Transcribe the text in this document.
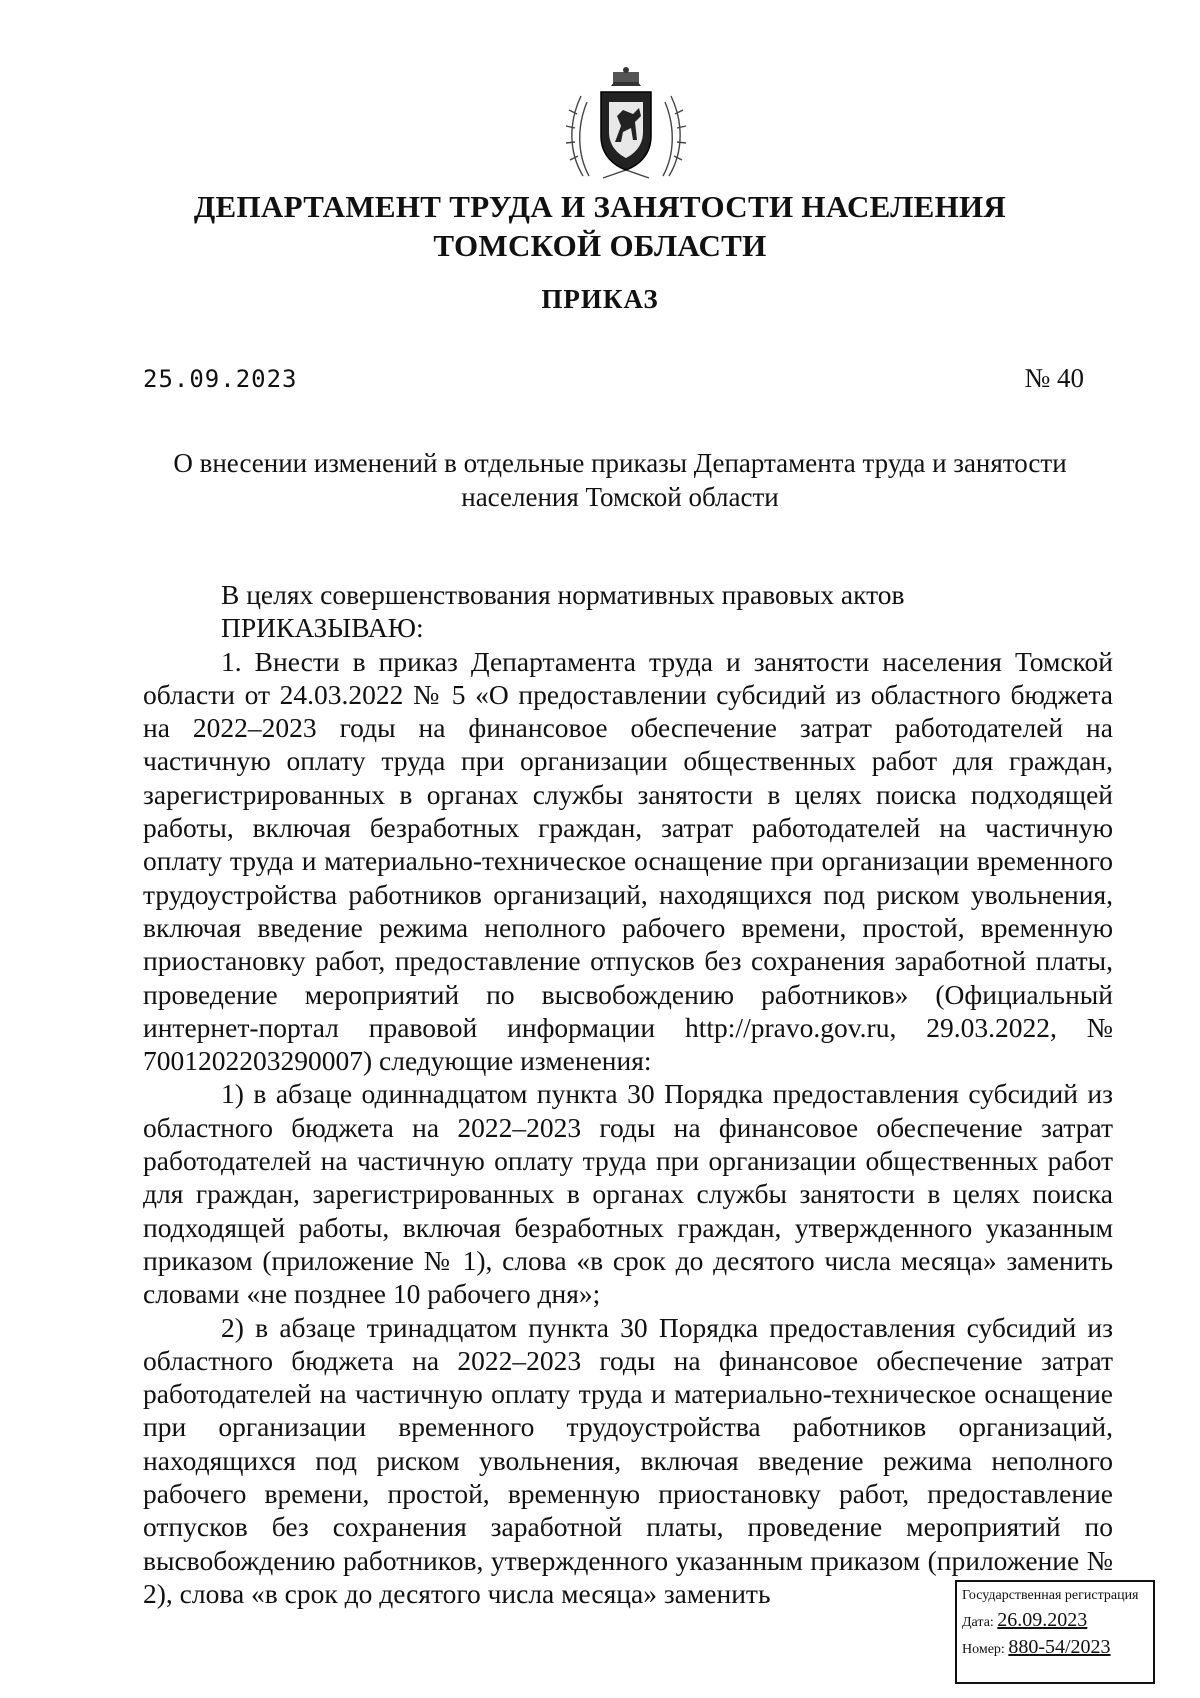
ДЕПАРТАМЕНТ ТРУДА И ЗАНЯТОСТИ НАСЕЛЕНИЯ
ТОМСКОЙ ОБЛАСТИ
ПРИКАЗ
25.09.2023	№ 40
О внесении изменений в отдельные приказы Департамента труда и занятости
населения Томской области

В целях совершенствования нормативных правовых актов

ПРИКАЗЫВАЮ:

1. Внести в приказ Департамента труда и занятости населения Томской области от 24.03.2022 № 5 «О предоставлении субсидий из областного бюджета на 2022–2023 годы на финансовое обеспечение затрат работодателей на частичную оплату труда при организации общественных работ для граждан, зарегистрированных в органах службы занятости в целях поиска подходящей работы, включая безработных граждан, затрат работодателей на частичную оплату труда и материально-техническое оснащение при организации временного трудоустройства работников организаций, находящихся под риском увольнения, включая введение режима неполного рабочего времени, простой, временную приостановку работ, предоставление отпусков без сохранения заработной платы, проведение мероприятий по высвобождению работников» (Официальный интернет-портал правовой информации http://pravo.gov.ru, 29.03.2022, № 7001202203290007) следующие изменения:

1) в абзаце одиннадцатом пункта 30 Порядка предоставления субсидий из областного бюджета на 2022–2023 годы на финансовое обеспечение затрат работодателей на частичную оплату труда при организации общественных работ для граждан, зарегистрированных в органах службы занятости в целях поиска подходящей работы, включая безработных граждан, утвержденного указанным приказом (приложение № 1), слова «в срок до десятого числа месяца» заменить словами «не позднее 10 рабочего дня»;

2) в абзаце тринадцатом пункта 30 Порядка предоставления субсидий из областного бюджета на 2022–2023 годы на финансовое обеспечение затрат работодателей на частичную оплату труда и материально-техническое оснащение при организации временного трудоустройства работников организаций, находящихся под риском увольнения, включая введение режима неполного рабочего времени, простой, временную приостановку работ, предоставление отпусков без сохранения заработной платы, проведение мероприятий по высвобождению работников, утвержденного указанным приказом (приложение № 2), слова «в срок до десятого числа месяца» заменить	Государственная регистрация
Дата: 26.09.2023
Номер: 880-54/2023
